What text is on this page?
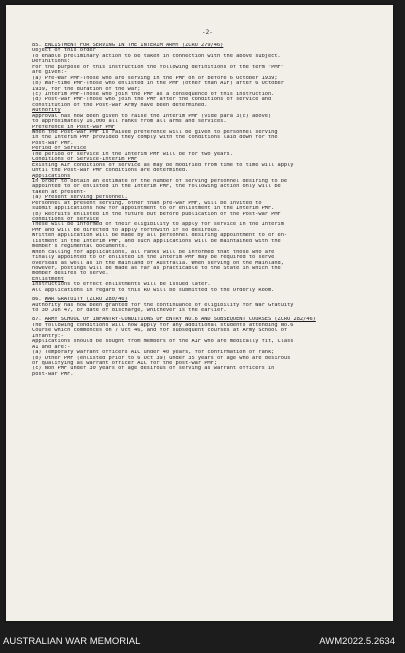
-2-
85. ENLISTMENT FOR SERVING IN THE INTERIM ARMY (ZCRO 279/46)
Object of this order
To enable preliminary action to be taken in connection with the above subject.
Definitions:
For the purpose of this instruction the following definitions of the term "PMF"
are given:-
(a) Pre-War PMF-Those who are serving in the PMF on or before 6 October 1939;
(b) War-time PMF-Those who enlisted in the PMF (other than AIF) after 6 October
1939, for the duration of the war;
(c) Interim PMF-Those who join the PMF as a consequence of this instruction.
(d) Post-war PMF-Those who join the PMF after the conditions of service and
constitution of the Post-war Army have been determined.
Authority
Approval has now been given to raise the Interim PMF (vide para 3(c) above)
to approximately 16,000 all ranks from all arms and services.
Preference in Post-war PMF
When the Post-war PMF is raised preference will be given to personnel serving
in the Interim PMF provided they comply with the conditions laid down for the
Post-war PMF.
Period of Service
The period of service in the Interim PMF will be for two years.
Conditions of Service-Interim PMF
Existing AIF conditions of service as may be modified from time to time will apply
until the Post-war PMF conditions are determined.
Applications
In order to obtain an estimate of the number of serving personnel desiring to be
appointed to or enlisted in the Interim PMF, the following action only will be
taken at present-
(a) Present serving personnel.
Personnel at present serving, other than pre-war PMF, will be invited to
submit applications now for appointment to or enlistment in the Interim PMF.
(b) Recruits enlisted in the future but before publication of the Post-war PMF
conditions of service
These will be informed of their eligibility to apply for service in the Interim
PMF and will be directed to apply forthwith if so desirous.
Written application will be made by all personnel desiring appointment to or en-
listment in the Interim PMF, and such applications will be maintained with the
member's regimental documents.
When calling for applications, all ranks will be informed that those who are
finally appointed to or enlisted in the Interim PMF may be required to serve
overseas as well as in the mainland of Australia. When serving on the Mainland,
however, postings will be made as far as practicable to the State in which the
member desires to serve.
Enlistment
Instructions to effect enlistments will be issued later.
All applications in regard to this RO will be submitted to the Orderly Room.
86. WAR GRATUITY (ZCRO 280/46)
Authority has now been granted for the continuance of eligibility for War Gratuity
to 30 Jun 47, or date of discharge, whichever is the earlier.
87. ARMY SCHOOL OF INFANTRY-CONDITIONS OF ENTRY NO.6 AND SUBSEQUENT COURSES (ZCRO 282/46)
The following conditions will now apply for any additional students attending No.6
Course which commences on 7 Oct 46, and for subsequent courses at Army School of
Infantry:-
Applications should be sought from members of the AIF who are medically fit, Class
A1 and are:-
(a) Temporary warrant officers AIC under 40 years, for confirmation of rank;
(b) Other PMF (enlisted prior to 6 Oct 39) under 35 years of age who are desirous
of qualifying as warrant officer AIC for the post-war PMF;
(c) Non PMF under 30 years of age desirous of serving as warrant officers in
post-war PMF.
AUSTRALIAN WAR MEMORIAL	AWM2022.5.2634
